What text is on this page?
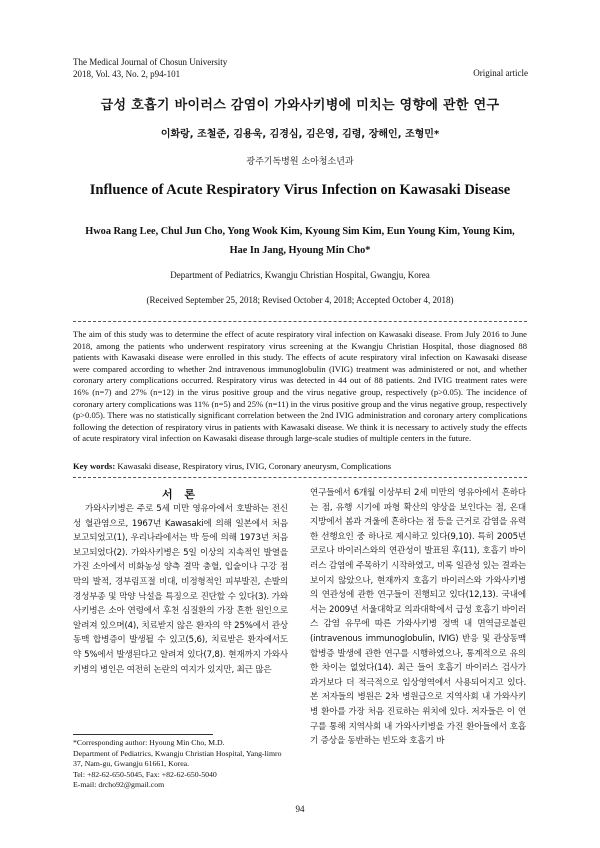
The Medical Journal of Chosun University
2018, Vol. 43, No. 2, p94-101	Original article
급성 호흡기 바이러스 감염이 가와사키병에 미치는 영향에 관한 연구
이화랑, 조철준, 김용욱, 김경심, 김은영, 김령, 장해인, 조형민*
광주기독병원 소아청소년과
Influence of Acute Respiratory Virus Infection on Kawasaki Disease
Hwoa Rang Lee, Chul Jun Cho, Yong Wook Kim, Kyoung Sim Kim, Eun Young Kim, Young Kim,
Hae In Jang, Hyoung Min Cho*
Department of Pediatrics, Kwangju Christian Hospital, Gwangju, Korea
(Received September 25, 2018; Revised October 4, 2018; Accepted October 4, 2018)

The aim of this study was to determine the effect of acute respiratory viral infection on Kawasaki disease. From July 2016 to June 2018, among the patients who underwent respiratory virus screening at the Kwangju Christian Hospital, those diagnosed 88 patients with Kawasaki disease were enrolled in this study. The effects of acute respiratory viral infection on Kawasaki disease were compared according to whether 2nd intravenous immunoglobulin (IVIG) treatment was administered or not, and whether coronary artery complications occurred. Respiratory virus was detected in 44 out of 88 patients. 2nd IVIG treatment rates were 16% (n=7) and 27% (n=12) in the virus positive group and the virus negative group, respectively (p>0.05). The incidence of coronary artery complications was 11% (n=5) and 25% (n=11) in the virus positive group and the virus negative group, respectively (p>0.05). There was no statistically significant correlation between the 2nd IVIG administration and coronary artery complications following the detection of respiratory virus in patients with Kawasaki disease. We think it is necessary to actively study the effects of acute respiratory viral infection on Kawasaki disease through large-scale studies of multiple centers in the future.

Key words: Kawasaki disease, Respiratory virus, IVIG, Coronary aneurysm, Complications
서 론
가와사키병은 주로 5세 미만 영유아에서 호발하는 전신성 혈관염으로, 1967년 Kawasaki에 의해 일본에서 처음 보고되었고(1), 우리나라에서는 박 등에 의해 1973년 처음 보고되었다(2). 가와사키병은 5일 이상의 지속적인 발열을 가진 소아에서 비화농성 양측 결막 충혈, 입술이나 구강 점막의 발적, 경부림프절 비대, 비정형적인 피부발진, 손발의 경성부종 및 막양 낙설을 특징으로 진단할 수 있다(3). 가와사키병은 소아 연령에서 후천 심질환의 가장 흔한 원인으로 알려져 있으며(4), 치료받지 않은 환자의 약 25%에서 관상동맥 합병증이 발생될 수 있고(5,6), 치료받은 환자에서도 약 5%에서 발생된다고 알려져 있다(7,8). 현재까지 가와사키병의 병인은 여전히 논란의 여지가 있지만, 최근 많은
연구들에서 6개월 이상부터 2세 미만의 영유아에서 흔하다는 점, 유행 시기에 파형 확산의 양상을 보인다는 점, 온대 지방에서 봄과 겨울에 흔하다는 점 등을 근거로 감염을 유력한 선행요인 중 하나로 제시하고 있다(9,10). 특히 2005년 코로나 바이러스와의 연관성이 발표된 후(11), 호흡기 바이러스 감염에 주목하기 시작하였고, 비록 일관성 있는 결과는 보이지 않았으나, 현재까지 호흡기 바이러스와 가와사키병의 연관성에 관한 연구들이 진행되고 있다(12,13). 국내에서는 2009년 서울대학교 의과대학에서 급성 호흡기 바이러스 감염 유무에 따른 가와사키병 정맥 내 면역글로불린(intravenous immunoglobulin, IVIG) 반응 및 관상동맥 합병증 발생에 관한 연구를 시행하였으나, 통계적으로 유의한 차이는 없었다(14). 최근 들어 호흡기 바이러스 검사가 과거보다 더 적극적으로 임상영역에서 사용되어지고 있다. 본 저자들의 병원은 2차 병원급으로 지역사회 내 가와사키병 환아를 가장 처음 진료하는 위치에 있다. 저자들은 이 연구를 통해 지역사회 내 가와사키병을 가진 환아들에서 호흡기 증상을 동반하는 빈도와 호흡기 바
*Corresponding author: Hyoung Min Cho, M.D.
Department of Pediatrics, Kwangju Christian Hospital, Yang-limro
37, Nam-gu, Gwangju 61661, Korea.
Tel: +82-62-650-5045, Fax: +82-62-650-5040
E-mail: drcho92@gmail.com
94
